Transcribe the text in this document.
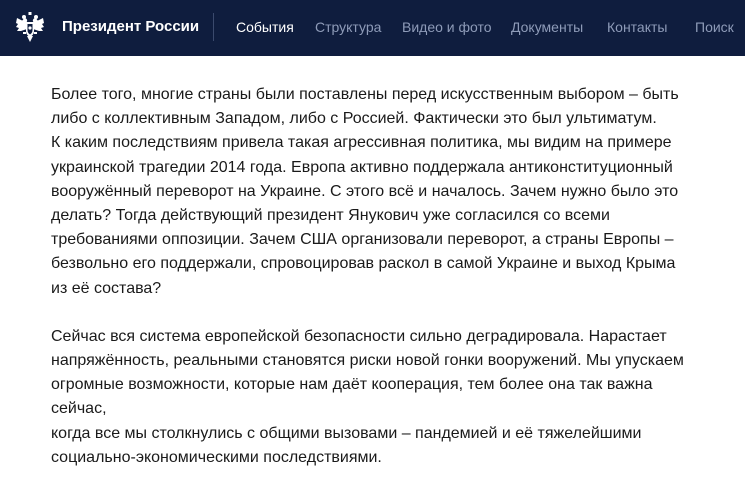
Президент России	События Структура Видео и фото Документы Контакты Поиск

Более того, многие страны были поставлены перед искусственным выбором – быть
либо с коллективным Западом, либо с Россией. Фактически это был ультиматум.
К каким последствиям привела такая агрессивная политика, мы видим на примере
украинской трагедии 2014 года. Европа активно поддержала антиконституционный
вооружённый переворот на Украине. С этого всё и началось. Зачем нужно было это
делать? Тогда действующий президент Янукович уже согласился со всеми
требованиями оппозиции. Зачем США организовали переворот, а страны Европы –
безвольно его поддержали, спровоцировав раскол в самой Украине и выход Крыма
из её состава?

Сейчас вся система европейской безопасности сильно деградировала. Нарастает
напряжённость, реальными становятся риски новой гонки вооружений. Мы упускаем
огромные возможности, которые нам даёт кооперация, тем более она так важна сейчас,
когда все мы столкнулись с общими вызовами – пандемией и её тяжелейшими
социально-экономическими последствиями.
